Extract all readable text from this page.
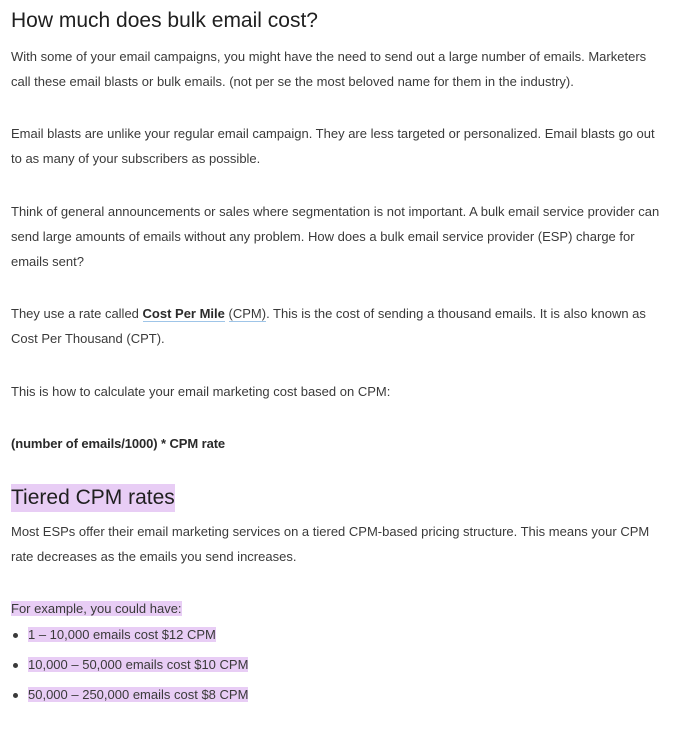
How much does bulk email cost?

With some of your email campaigns, you might have the need to send out a large number of emails. Marketers call these email blasts or bulk emails. (not per se the most beloved name for them in the industry).

Email blasts are unlike your regular email campaign. They are less targeted or personalized. Email blasts go out to as many of your subscribers as possible.

Think of general announcements or sales where segmentation is not important. A bulk email service provider can send large amounts of emails without any problem. How does a bulk email service provider (ESP) charge for emails sent?

They use a rate called Cost Per Mile (CPM). This is the cost of sending a thousand emails. It is also known as Cost Per Thousand (CPT).

This is how to calculate your email marketing cost based on CPM:

(number of emails/1000) * CPM rate

Tiered CPM rates

Most ESPs offer their email marketing services on a tiered CPM-based pricing structure. This means your CPM rate decreases as the emails you send increases.

For example, you could have:

1 – 10,000 emails cost $12 CPM
10,000 – 50,000 emails cost $10 CPM
50,000 – 250,000 emails cost $8 CPM
